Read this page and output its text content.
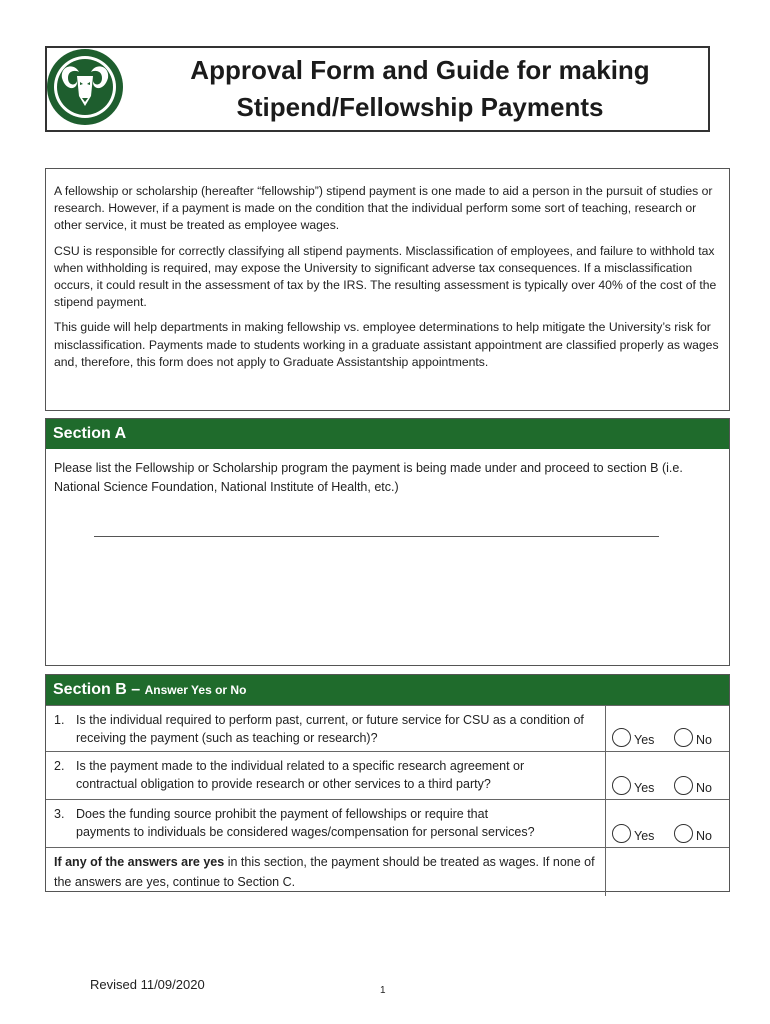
Approval Form and Guide for making
Stipend/Fellowship Payments

A fellowship or scholarship (hereafter “fellowship”) stipend payment is one made to aid a person in the pursuit of studies or research. However, if a payment is made on the condition that the individual perform some sort of teaching, research or other service, it must be treated as employee wages.

CSU is responsible for correctly classifying all stipend payments. Misclassification of employees, and failure to withhold tax when withholding is required, may expose the University to significant adverse tax consequences. If a misclassification occurs, it could result in the assessment of tax by the IRS. The resulting assessment is typically over 40% of the cost of the stipend payment.

This guide will help departments in making fellowship vs. employee determinations to help mitigate the University’s risk for misclassification. Payments made to students working in a graduate assistant appointment are classified properly as wages and, therefore, this form does not apply to Graduate Assistantship appointments.

Section A
Please list the Fellowship or Scholarship program the payment is being made under and proceed to section B (i.e. National Science Foundation, National Institute of Health, etc.)
Section B – Answer Yes or No
1. Is the individual required to perform past, current, or future service for CSU as a condition of
receiving the payment (such as teaching or research)?	Yes	No
2. Is the payment made to the individual related to a specific research agreement or
contractual obligation to provide research or other services to a third party?	Yes	No
3. Does the funding source prohibit the payment of fellowships or require that
payments to individuals be considered wages/compensation for personal services?	Yes	No
If any of the answers are yes in this section, the payment should be treated as wages. If none of the answers are yes, continue to Section C.
Revised 11/09/2020	1
